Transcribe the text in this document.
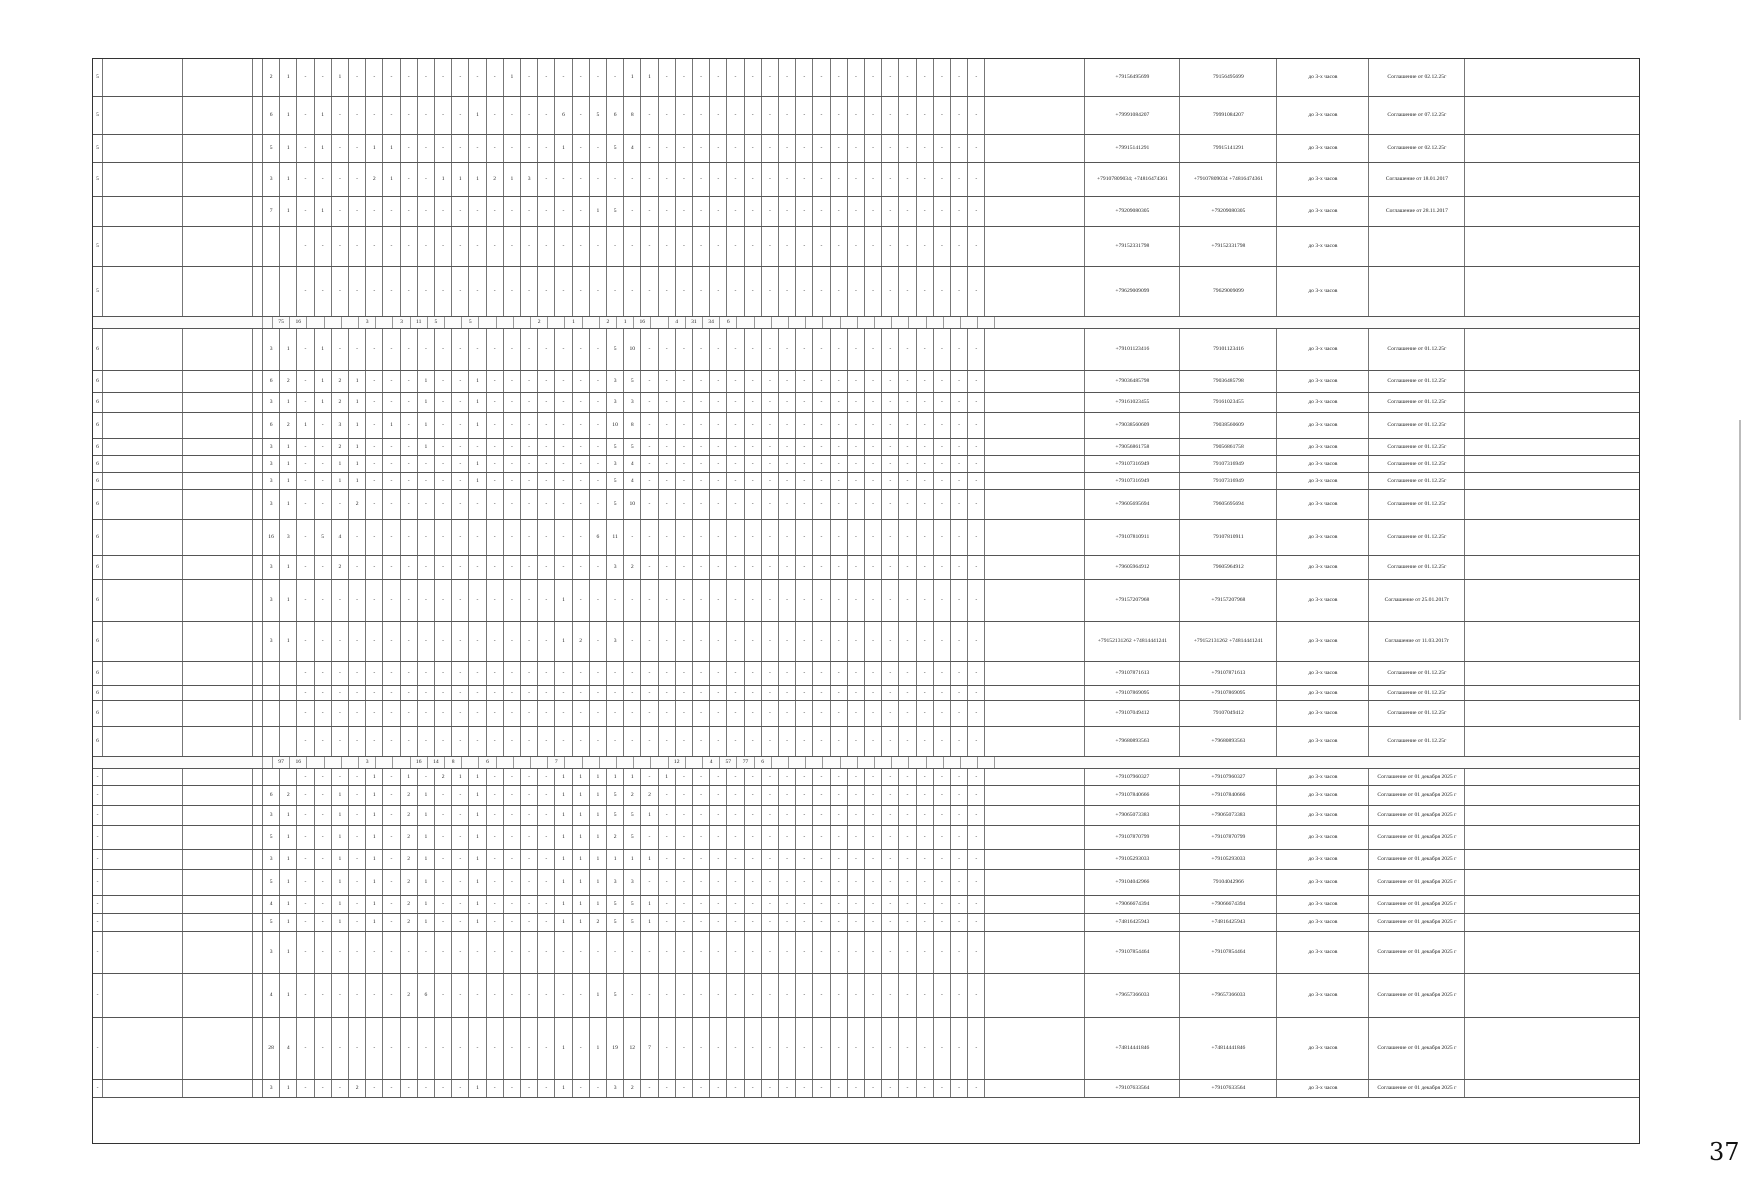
5	2	1	-	-	1	-	-	-	-	-	-	-	-	-	1	-	-	-	-	-	-	1	1	-	-	-	-	-	-	-	-	-	-	-	-	-	-	-	-	-	-	-	+79156495699	79156495699	до 3-х часов	Соглашение от 02.12.25г
5	6	1	-	1	-	-	-	-	-	-	-	-	1	-	-	-	-	6	-	5	6	8	-	-	-	-	-	-	-	-	-	-	-	-	-	-	-	-	-	-	-	-	+79991084207	79991084207	до 3-х часов	Соглашение от 07.12.25г
5	5	1	-	1	-	-	1	1	-	-	-	-	-	-	-	-	-	1	-	-	5	4	-	-	-	-	-	-	-	-	-	-	-	-	-	-	-	-	-	-	-	-	+79915141291	79915141291	до 3-х часов	Соглашение от 02.12.25г
5	3	1	-	-	-	-	2	1	-	-	1	1	1	2	1	3	-	-	-	-	-	-	-	-	-	-	-	-	-	-	-	-	-	-	-	-	-	-	-	-	-	-	+79107809034; +74816474361	+79107809034 +74816474361	до 3-х часов	Соглашение от 18.01.2017
7	1	-	1	-	-	-	-	-	-	-	-	-	-	-	-	-	-	-	1	5	-	-	-	-	-	-	-	-	-	-	-	-	-	-	-	-	-	-	-	-	-	+79209080305	+79209080305	до 3-х часов	Соглашение от 28.11.2017
5	-	-	-	-	-	-	-	-	-	-	-	-	-	-	-	-	-	-	-	-	-	-	-	-	-	-	-	-	-	-	-	-	-	-	-	-	-	-	-	-	+79152331798	+79152331798	до 3-х часов
5	-	-	-	-	-	-	-	-	-	-	-	-	-	-	-	-	-	-	-	-	-	-	-	-	-	-	-	-	-	-	-	-	-	-	-	-	-	-	-	-	+79629009099	79629009099	до 3-х часов
75	16	3	3	11	5	5	2	1	2	1	16	4	31	34	6
6	3	1	-	1	-	-	-	-	-	-	-	-	-	-	-	-	-	-	-	-	5	10	-	-	-	-	-	-	-	-	-	-	-	-	-	-	-	-	-	-	-	-	+79101123416	79101123416	до 3-х часов	Соглашение от 01.12.25г
6	6	2	-	1	2	1	-	-	-	1	-	-	1	-	-	-	-	-	-	-	3	5	-	-	-	-	-	-	-	-	-	-	-	-	-	-	-	-	-	-	-	-	+79036485798	79036485798	до 3-х часов	Соглашение от 01.12.25г
6	3	1	-	1	2	1	-	-	-	1	-	-	1	-	-	-	-	-	-	-	3	3	-	-	-	-	-	-	-	-	-	-	-	-	-	-	-	-	-	-	-	-	+79161023455	79161023455	до 3-х часов	Соглашение от 01.12.25г
6	6	2	1	-	3	1	-	1	-	1	-	-	1	-	-	-	-	-	-	-	10	8	-	-	-	-	-	-	-	-	-	-	-	-	-	-	-	-	-	-	-	-	+79038560609	79038560609	до 3-х часов	Соглашение от 01.12.25г
6	3	1	-	-	2	1	-	-	-	1	-	-	-	-	-	-	-	-	-	-	5	5	-	-	-	-	-	-	-	-	-	-	-	-	-	-	-	-	-	-	-	-	+79056861758	79056861758	до 3-х часов	Соглашение от 01.12.25г
6	3	1	-	-	1	1	-	-	-	-	-	-	1	-	-	-	-	-	-	-	3	4	-	-	-	-	-	-	-	-	-	-	-	-	-	-	-	-	-	-	-	-	+79107316949	79107316949	до 3-х часов	Соглашение от 01.12.25г
6	3	1	-	-	1	1	-	-	-	-	-	-	1	-	-	-	-	-	-	-	5	4	-	-	-	-	-	-	-	-	-	-	-	-	-	-	-	-	-	-	-	-	+79107316949	79107316949	до 3-х часов	Соглашение от 01.12.25г
6	3	1	-	-	-	2	-	-	-	-	-	-	-	-	-	-	-	-	-	-	5	10	-	-	-	-	-	-	-	-	-	-	-	-	-	-	-	-	-	-	-	-	+79605695694	79605695694	до 3-х часов	Соглашение от 01.12.25г
6	16	3	-	5	4	-	-	-	-	-	-	-	-	-	-	-	-	-	-	6	11	-	-	-	-	-	-	-	-	-	-	-	-	-	-	-	-	-	-	-	-	-	+79107810911	79107810911	до 3-х часов	Соглашение от 01.12.25г
6	3	1	-	-	2	-	-	-	-	-	-	-	-	-	-	-	-	-	-	-	3	2	-	-	-	-	-	-	-	-	-	-	-	-	-	-	-	-	-	-	-	-	+79605964912	79605964912	до 3-х часов	Соглашение от 01.12.25г
6	3	1	-	-	-	-	-	-	-	-	-	-	-	-	-	-	-	1	-	-	-	-	-	-	-	-	-	-	-	-	-	-	-	-	-	-	-	-	-	-	-	-	+79157207968	+79157207968	до 3-х часов	Соглашение от 25.01.2017г
6	3	1	-	-	-	-	-	-	-	-	-	-	-	-	-	-	-	1	2	-	3	-	-	-	-	-	-	-	-	-	-	-	-	-	-	-	-	-	-	-	-	-	+79152131262 +74814441241	+79152131262 +74814441241	до 3-х часов	Соглашение от 11.03.2017г
6	-	-	-	-	-	-	-	-	-	-	-	-	-	-	-	-	-	-	-	-	-	-	-	-	-	-	-	-	-	-	-	-	-	-	-	-	-	-	-	-	+79107871613	+79107871613	до 3-х часов	Соглашение от 01.12.25г
6	-	-	-	-	-	-	-	-	-	-	-	-	-	-	-	-	-	-	-	-	-	-	-	-	-	-	-	-	-	-	-	-	-	-	-	-	-	-	-	-	+79107869095	+79107869095	до 3-х часов	Соглашение от 01.12.25г
6	-	-	-	-	-	-	-	-	-	-	-	-	-	-	-	-	-	-	-	-	-	-	-	-	-	-	-	-	-	-	-	-	-	-	-	-	-	-	-	-	+79107049412	79107049412	до 3-х часов	Соглашение от 01.12.25г
6	-	-	-	-	-	-	-	-	-	-	-	-	-	-	-	-	-	-	-	-	-	-	-	-	-	-	-	-	-	-	-	-	-	-	-	-	-	-	-	-	+79680893563	+79680893563	до 3-х часов	Соглашение от 01.12.25г
97	16	3	16	14	8	6	7	12	4	57	77	6
-	-	-	-	-	1	-	1	-	2	1	1	-	-	-	-	1	1	1	1	1	-	1	-	-	-	-	-	-	-	-	-	-	-	-	-	-	-	-	-	-	+79107960327	+79107960327	до 3-х часов	Соглашение от 01 декабря 2025 г
-	6	2	-	-	1	-	1	-	2	1	-	-	1	-	-	-	-	1	1	1	5	2	2	-	-	-	-	-	-	-	-	-	-	-	-	-	-	-	-	-	-	-	+79107840666	+79107840666	до 3-х часов	Соглашение от 01 декабря 2025 г
-	3	1	-	-	1	-	1	-	2	1	-	-	1	-	-	-	-	1	1	1	5	5	1	-	-	-	-	-	-	-	-	-	-	-	-	-	-	-	-	-	-	-	+79065073383	+79065073383	до 3-х часов	Соглашение от 01 декабря 2025 г
-	5	1	-	-	1	-	1	-	2	1	-	-	1	-	-	-	-	1	1	1	2	5	-	-	-	-	-	-	-	-	-	-	-	-	-	-	-	-	-	-	-	-	+79107870799	+79107870799	до 3-х часов	Соглашение от 01 декабря 2025 г
-	3	1	-	-	1	-	1	-	2	1	-	-	1	-	-	-	-	1	1	1	1	1	1	-	-	-	-	-	-	-	-	-	-	-	-	-	-	-	-	-	-	-	+79105293033	+79105293033	до 3-х часов	Соглашение от 01 декабря 2025 г
-	5	1	-	-	1	-	1	-	2	1	-	-	1	-	-	-	-	1	1	1	3	3	-	-	-	-	-	-	-	-	-	-	-	-	-	-	-	-	-	-	-	-	+79104042966	79104042966	до 3-х часов	Соглашение от 01 декабря 2025 г
-	4	1	-	-	1	-	1	-	2	1	-	-	1	-	-	-	-	1	1	1	5	5	1	-	-	-	-	-	-	-	-	-	-	-	-	-	-	-	-	-	-	-	+79066674394	+79066674394	до 3-х часов	Соглашение от 01 декабря 2025 г
-	5	1	-	-	1	-	1	-	2	1	-	-	1	-	-	-	-	1	1	2	5	5	1	-	-	-	-	-	-	-	-	-	-	-	-	-	-	-	-	-	-	-	+74816425943	+74816425943	до 3-х часов	Соглашение от 01 декабря 2025 г
-	3	1	-	-	-	-	-	-	-	-	-	-	-	-	-	-	-	-	-	-	-	-	-	-	-	-	-	-	-	-	-	-	-	-	-	-	-	-	-	-	-	-	+79107854464	+79107854464	до 3-х часов	Соглашение от 01 декабря 2025 г
-	4	1	-	-	-	-	-	-	2	6	-	-	-	-	-	-	-	-	-	1	5	-	-	-	-	-	-	-	-	-	-	-	-	-	-	-	-	-	-	-	-	-	+79657366033	+79657366033	до 3-х часов	Соглашение от 01 декабря 2025 г
-	28	4	-	-	-	-	-	-	-	-	-	-	-	-	-	-	-	1	-	1	19	12	7	-	-	-	-	-	-	-	-	-	-	-	-	-	-	-	-	-	-	-	+74814441846	+74814441846	до 3-х часов	Соглашение от 01 декабря 2025 г
-	3	1	-	-	-	2	-	-	-	-	-	-	1	-	-	-	-	1	-	-	3	2	-	-	-	-	-	-	-	-	-	-	-	-	-	-	-	-	-	-	-	-	+79107633564	+79107633564	до 3-х часов	Соглашение от 01 декабря 2025 г
37
